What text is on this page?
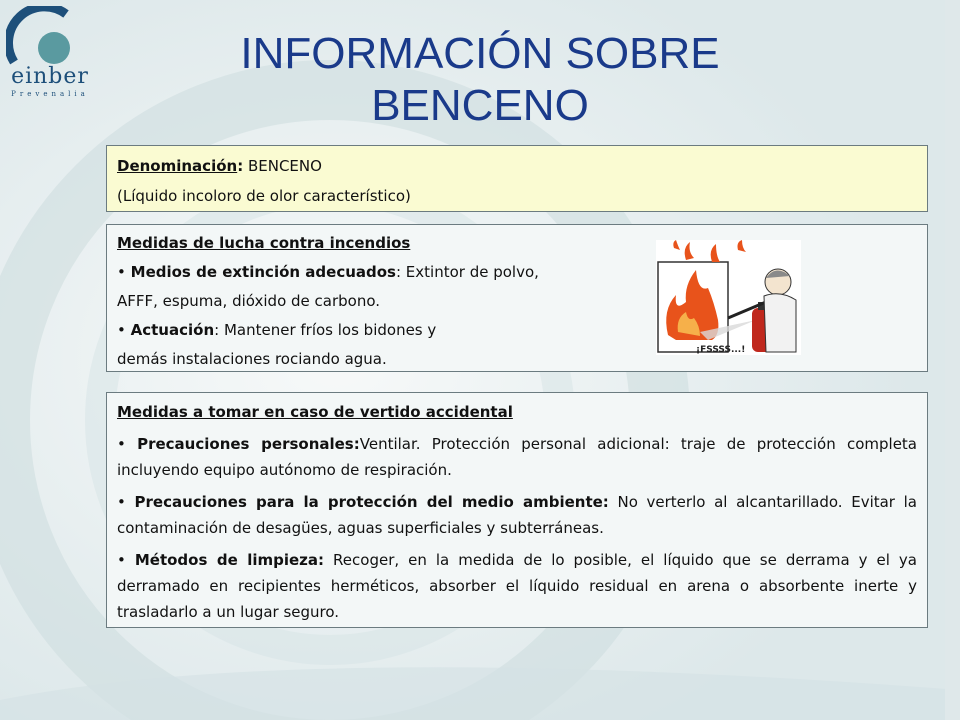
einber
Prevenalia
INFORMACIÓN SOBRE
BENCENO

Denominación: BENCENO

(Líquido incoloro de olor característico)

Medidas de lucha contra incendios

• Medios de extinción adecuados: Extintor de polvo,

AFFF, espuma, dióxido de carbono.

• Actuación: Mantener fríos los bidones y

demás instalaciones rociando agua.	¡FSSSS...!

Medidas a tomar en caso de vertido accidental

• Precauciones personales:Ventilar. Protección personal adicional: traje de protección completa incluyendo equipo autónomo de respiración.

• Precauciones para la protección del medio ambiente: No verterlo al alcantarillado. Evitar la contaminación de desagües, aguas superficiales y subterráneas.

• Métodos de limpieza: Recoger, en la medida de lo posible, el líquido que se derrama y el ya derramado en recipientes herméticos, absorber el líquido residual en arena o absorbente inerte y trasladarlo a un lugar seguro.
